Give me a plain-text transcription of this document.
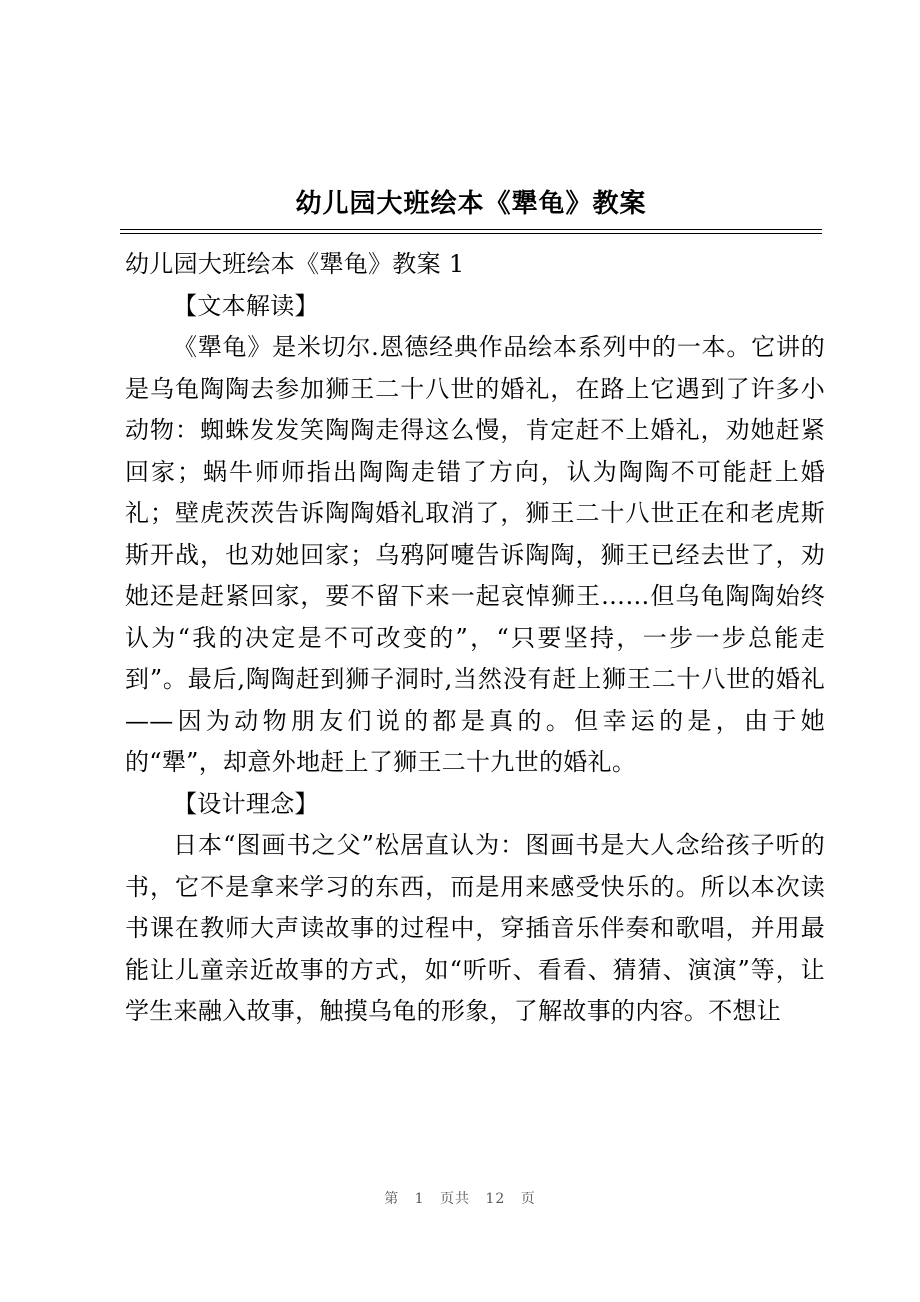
幼儿园大班绘本《犟龟》教案

幼儿园大班绘本《犟龟》教案 1

【文本解读】

《犟龟》是米切尔.恩德经典作品绘本系列中的一本。它讲的是乌龟陶陶去参加狮王二十八世的婚礼，在路上它遇到了许多小动物：蜘蛛发发笑陶陶走得这么慢，肯定赶不上婚礼，劝她赶紧回家；蜗牛师师指出陶陶走错了方向，认为陶陶不可能赶上婚礼；壁虎茨茨告诉陶陶婚礼取消了，狮王二十八世正在和老虎斯斯开战，也劝她回家；乌鸦阿嚏告诉陶陶，狮王已经去世了，劝她还是赶紧回家，要不留下来一起哀悼狮王……但乌龟陶陶始终认为“我的决定是不可改变的”，“只要坚持，一步一步总能走到”。最后,陶陶赶到狮子洞时,当然没有赶上狮王二十八世的婚礼——因为动物朋友们说的都是真的。但幸运的是，由于她的“犟”，却意外地赶上了狮王二十九世的婚礼。

【设计理念】

日本“图画书之父”松居直认为：图画书是大人念给孩子听的书，它不是拿来学习的东西，而是用来感受快乐的。所以本次读书课在教师大声读故事的过程中，穿插音乐伴奏和歌唱，并用最能让儿童亲近故事的方式，如“听听、看看、猜猜、演演”等，让学生来融入故事，触摸乌龟的形象，了解故事的内容。不想让

第 1 页共 12 页
